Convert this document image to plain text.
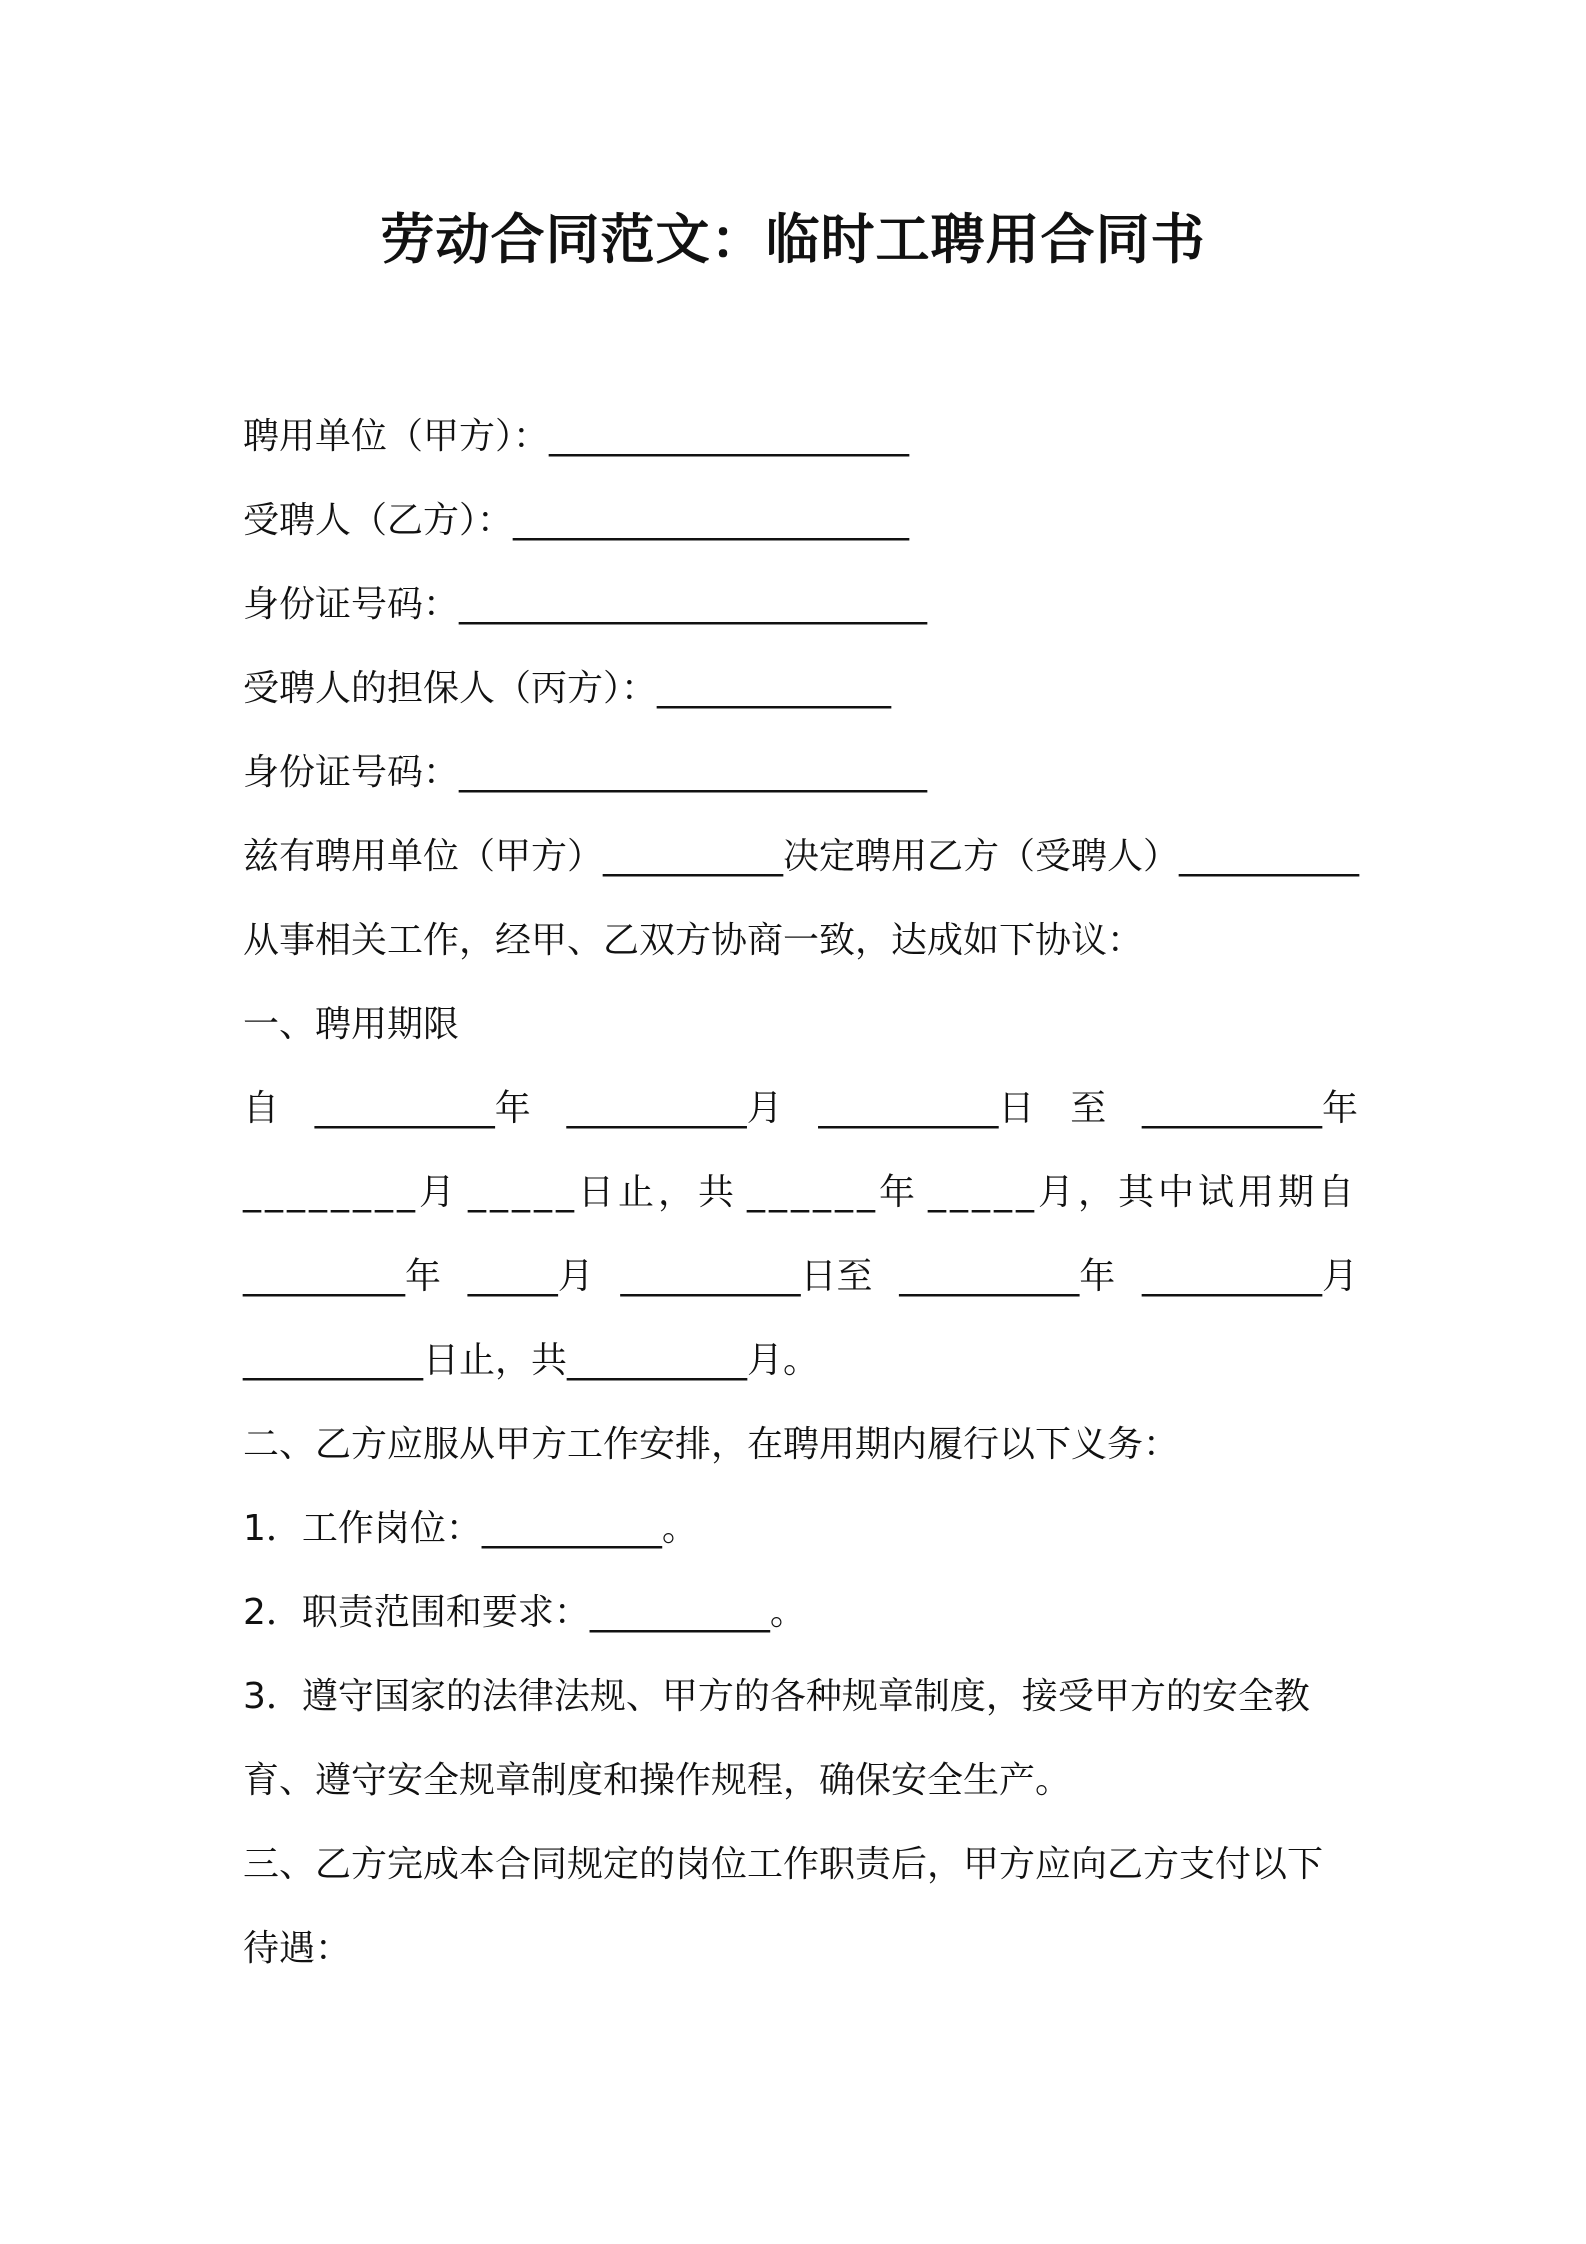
劳动合同范文：临时工聘用合同书
聘用单位（甲方）：____________________
受聘人（乙方）：______________________
身份证号码：__________________________
受聘人的担保人（丙方）：_____________
身份证号码：__________________________
兹有聘用单位（甲方）__________决定聘用乙方（受聘人）__________
从事相关工作，经甲、乙双方协商一致，达成如下协议：
一、聘用期限
自 __________年 __________月 __________日 至 __________年
________月 _____日止，共 ______年 _____月，其中试用期自
_________年 _____月 __________日至 __________年 __________月
__________日止，共__________月。
二、乙方应服从甲方工作安排，在聘用期内履行以下义务：
1．工作岗位：__________。
2．职责范围和要求：__________。
3．遵守国家的法律法规、甲方的各种规章制度，接受甲方的安全教
育、遵守安全规章制度和操作规程，确保安全生产。
三、乙方完成本合同规定的岗位工作职责后，甲方应向乙方支付以下
待遇：
